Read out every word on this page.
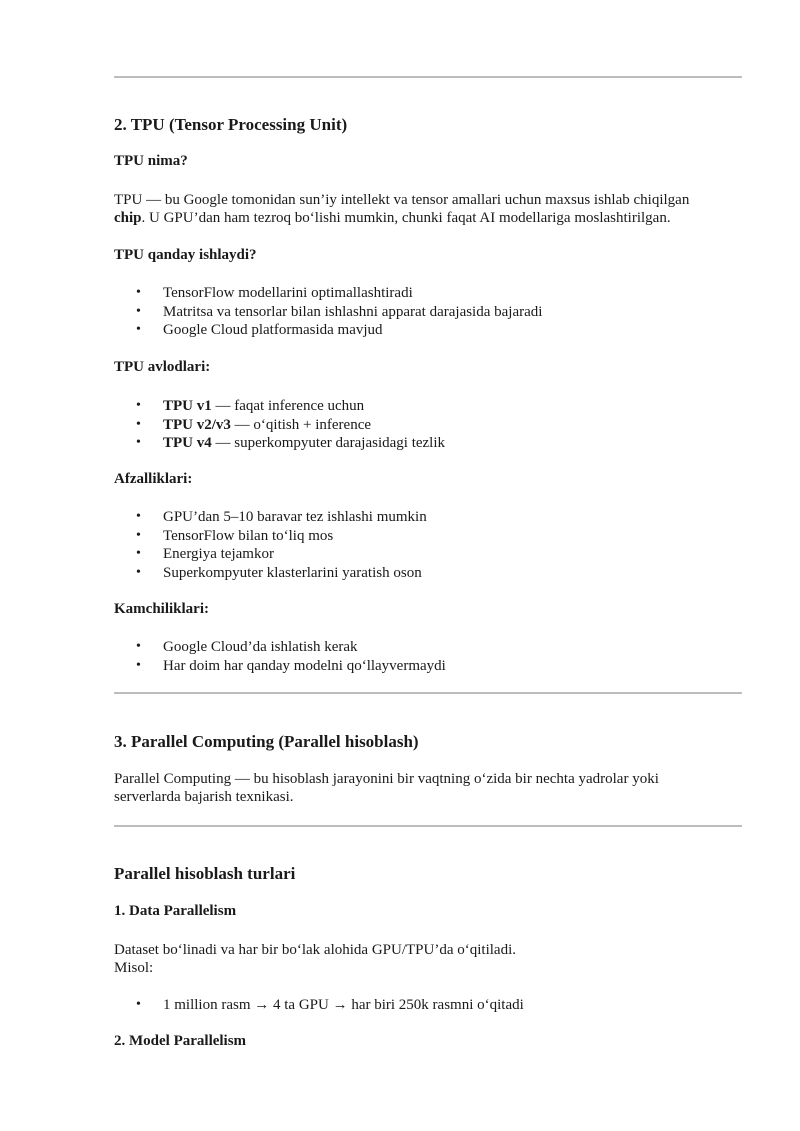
2. TPU (Tensor Processing Unit)
TPU nima?
TPU — bu Google tomonidan sun’iy intellekt va tensor amallari uchun maxsus ishlab chiqilgan
chip. U GPU’dan ham tezroq bo‘lishi mumkin, chunki faqat AI modellariga moslashtirilgan.
TPU qanday ishlaydi?
• TensorFlow modellarini optimallashtiradi
• Matritsa va tensorlar bilan ishlashni apparat darajasida bajaradi
• Google Cloud platformasida mavjud
TPU avlodlari:
• TPU v1 — faqat inference uchun
• TPU v2/v3 — o‘qitish + inference
• TPU v4 — superkompyuter darajasidagi tezlik
Afzalliklari:
• GPU’dan 5–10 baravar tez ishlashi mumkin
• TensorFlow bilan to‘liq mos
• Energiya tejamkor
• Superkompyuter klasterlarini yaratish oson
Kamchiliklari:
• Google Cloud’da ishlatish kerak
• Har doim har qanday modelni qo‘llayvermaydi
3. Parallel Computing (Parallel hisoblash)
Parallel Computing — bu hisoblash jarayonini bir vaqtning o‘zida bir nechta yadrolar yoki serverlarda bajarish texnikasi.
Parallel hisoblash turlari
1. Data Parallelism
Dataset bo‘linadi va har bir bo‘lak alohida GPU/TPU’da o‘qitiladi.
Misol:
• 1 million rasm → 4 ta GPU → har biri 250k rasmni o‘qitadi
2. Model Parallelism
